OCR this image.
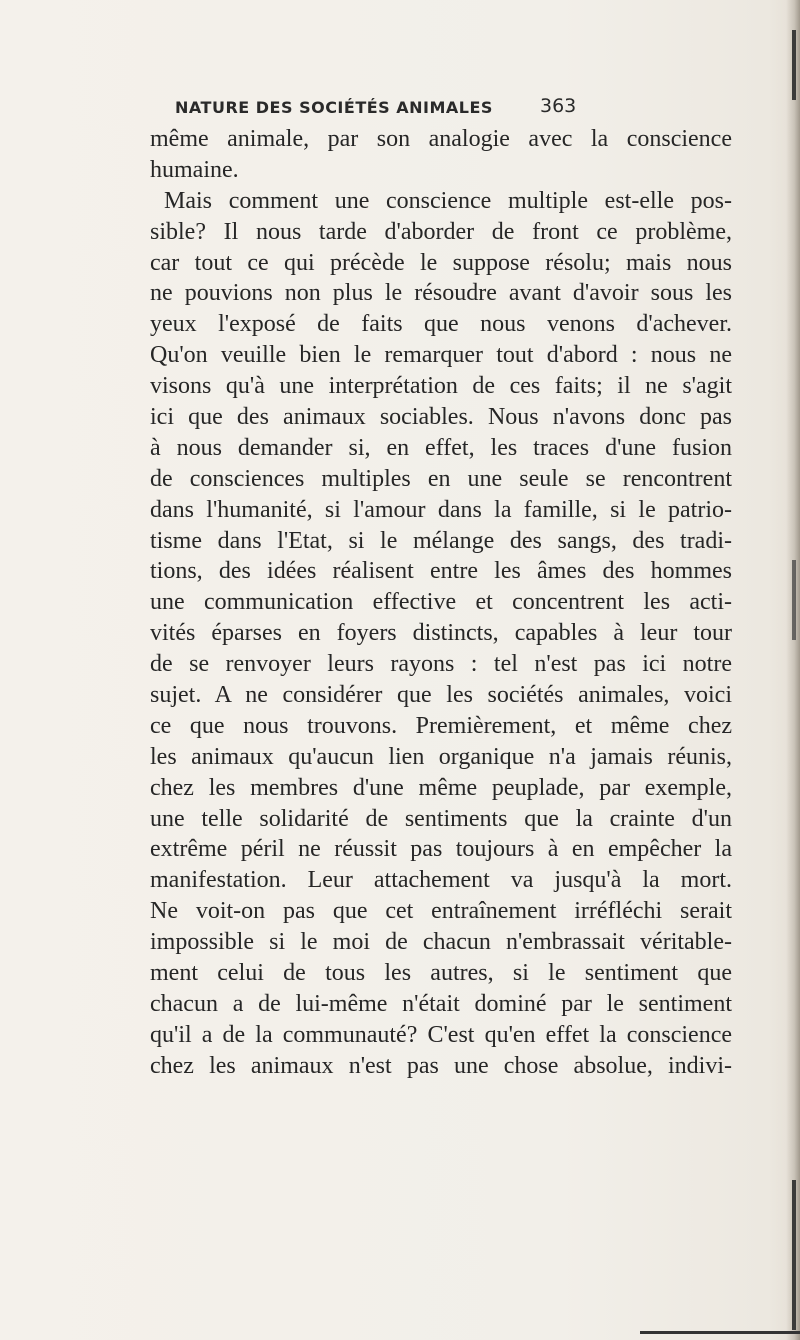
NATURE DES SOCIÉTÉS ANIMALES 363
même animale, par son analogie avec la conscience
humaine.
Mais comment une conscience multiple est-elle pos-
sible? Il nous tarde d'aborder de front ce problème,
car tout ce qui précède le suppose résolu; mais nous
ne pouvions non plus le résoudre avant d'avoir sous les
yeux l'exposé de faits que nous venons d'achever.
Qu'on veuille bien le remarquer tout d'abord : nous ne
visons qu'à une interprétation de ces faits; il ne s'agit
ici que des animaux sociables. Nous n'avons donc pas
à nous demander si, en effet, les traces d'une fusion
de consciences multiples en une seule se rencontrent
dans l'humanité, si l'amour dans la famille, si le patrio-
tisme dans l'Etat, si le mélange des sangs, des tradi-
tions, des idées réalisent entre les âmes des hommes
une communication effective et concentrent les acti-
vités éparses en foyers distincts, capables à leur tour
de se renvoyer leurs rayons : tel n'est pas ici notre
sujet. A ne considérer que les sociétés animales, voici
ce que nous trouvons. Premièrement, et même chez
les animaux qu'aucun lien organique n'a jamais réunis,
chez les membres d'une même peuplade, par exemple,
une telle solidarité de sentiments que la crainte d'un
extrême péril ne réussit pas toujours à en empêcher la
manifestation. Leur attachement va jusqu'à la mort.
Ne voit-on pas que cet entraînement irréfléchi serait
impossible si le moi de chacun n'embrassait véritable-
ment celui de tous les autres, si le sentiment que
chacun a de lui-même n'était dominé par le sentiment
qu'il a de la communauté? C'est qu'en effet la conscience
chez les animaux n'est pas une chose absolue, indivi-
